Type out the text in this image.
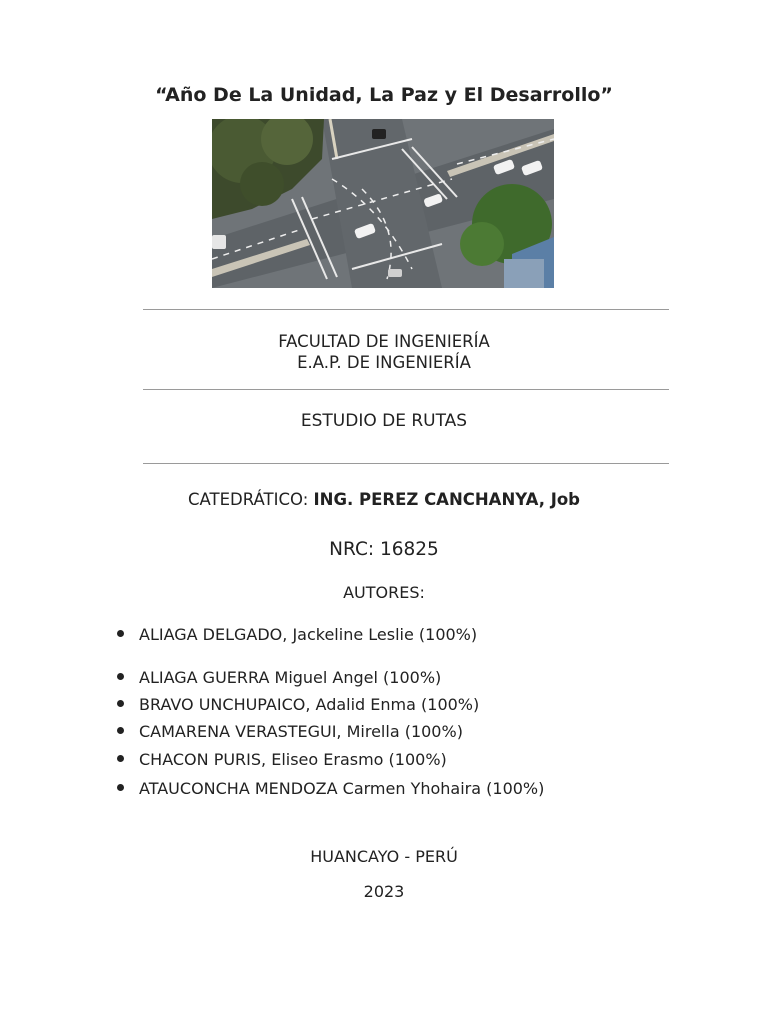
“Año De La Unidad, La Paz y El Desarrollo”
FACULTAD DE INGENIERÍA
E.A.P. DE INGENIERÍA
ESTUDIO DE RUTAS
CATEDRÁTICO: ING. PEREZ CANCHANYA, Job
NRC: 16825
AUTORES:
ALIAGA DELGADO, Jackeline Leslie (100%)
ALIAGA GUERRA Miguel Angel (100%)
BRAVO UNCHUPAICO, Adalid Enma (100%)
CAMARENA VERASTEGUI, Mirella (100%)
CHACON PURIS, Eliseo Erasmo (100%)
ATAUCONCHA MENDOZA Carmen Yhohaira (100%)
HUANCAYO - PERÚ
2023
